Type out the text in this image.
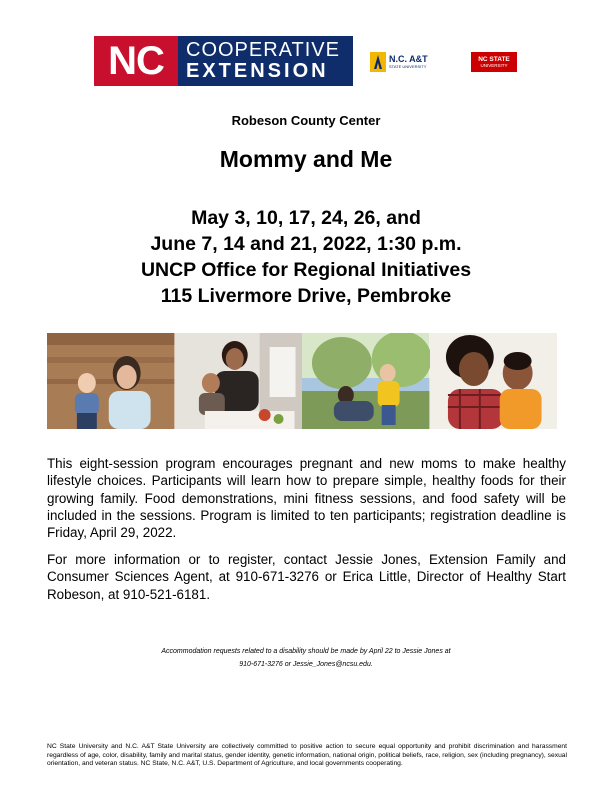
NC	COOPERATIVE
EXTENSION
N.C. A&T
STATE UNIVERSITY
NC STATE
UNIVERSITY
Robeson County Center
Mommy and Me
May 3, 10, 17, 24, 26, and
June 7, 14 and 21, 2022, 1:30 p.m.
UNCP Office for Regional Initiatives
115 Livermore Drive, Pembroke
This eight-session program encourages pregnant and new moms to make healthy lifestyle choices. Participants will learn how to prepare simple, healthy foods for their growing family. Food demonstrations, mini fitness sessions, and food safety will be included in the sessions. Program is limited to ten participants; registration deadline is Friday, April 29, 2022.
For more information or to register, contact Jessie Jones, Extension Family and Consumer Sciences Agent, at 910-671-3276 or Erica Little, Director of Healthy Start Robeson, at 910-521-6181.
Accommodation requests related to a disability should be made by April 22 to Jessie Jones at
910-671-3276 or Jessie_Jones@ncsu.edu.
NC State University and N.C. A&T State University are collectively committed to positive action to secure equal opportunity and prohibit discrimination and harassment regardless of age, color, disability, family and marital status, gender identity, genetic information, national origin, political beliefs, race, religion, sex (including pregnancy), sexual orientation, and veteran status. NC State, N.C. A&T, U.S. Department of Agriculture, and local governments cooperating.
